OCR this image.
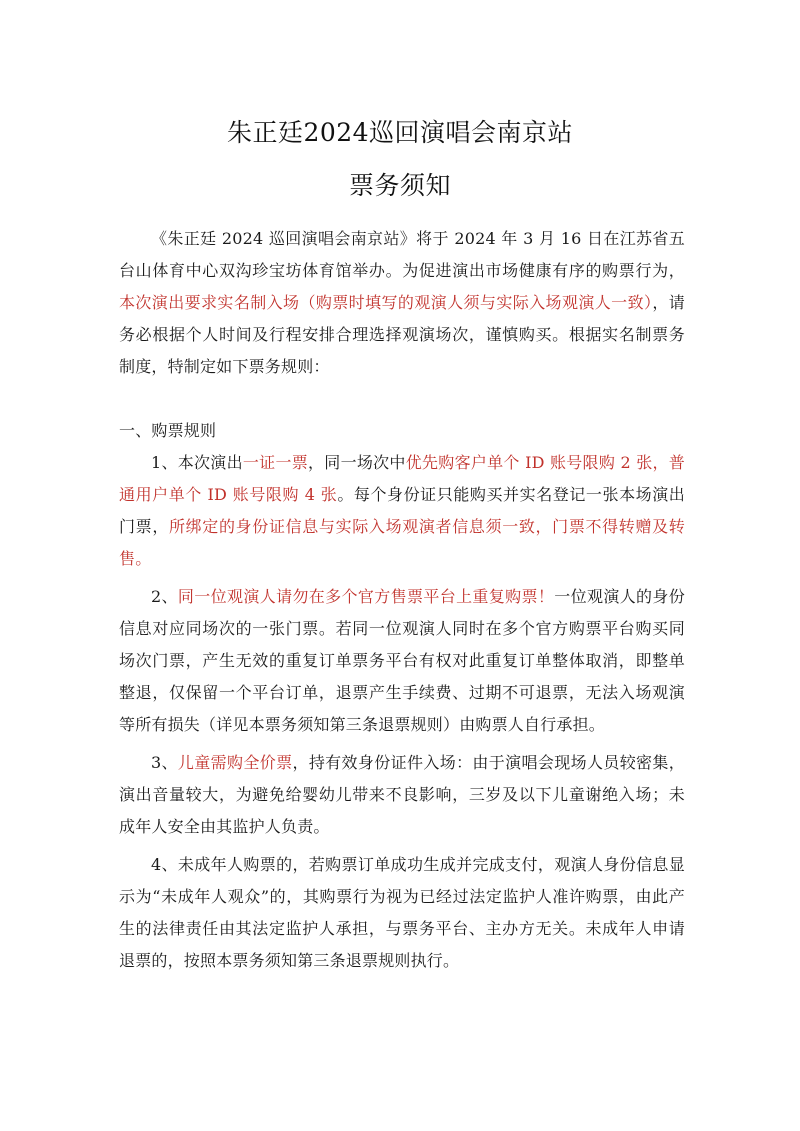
朱正廷2024巡回演唱会南京站
票务须知

《朱正廷 2024 巡回演唱会南京站》将于 2024 年 3 月 16 日在江苏省五台山体育中心双沟珍宝坊体育馆举办。为促进演出市场健康有序的购票行为，本次演出要求实名制入场（购票时填写的观演人须与实际入场观演人一致），请务必根据个人时间及行程安排合理选择观演场次，谨慎购买。根据实名制票务制度，特制定如下票务规则：

一、购票规则

1、本次演出一证一票，同一场次中优先购客户单个 ID 账号限购 2 张，普通用户单个 ID 账号限购 4 张。每个身份证只能购买并实名登记一张本场演出门票，所绑定的身份证信息与实际入场观演者信息须一致，门票不得转赠及转售。

2、同一位观演人请勿在多个官方售票平台上重复购票！一位观演人的身份信息对应同场次的一张门票。若同一位观演人同时在多个官方购票平台购买同场次门票，产生无效的重复订单票务平台有权对此重复订单整体取消，即整单整退，仅保留一个平台订单，退票产生手续费、过期不可退票，无法入场观演等所有损失（详见本票务须知第三条退票规则）由购票人自行承担。

3、儿童需购全价票，持有效身份证件入场：由于演唱会现场人员较密集，演出音量较大，为避免给婴幼儿带来不良影响，三岁及以下儿童谢绝入场；未成年人安全由其监护人负责。

4、未成年人购票的，若购票订单成功生成并完成支付，观演人身份信息显示为“未成年人观众”的，其购票行为视为已经过法定监护人准许购票，由此产生的法律责任由其法定监护人承担，与票务平台、主办方无关。未成年人申请退票的，按照本票务须知第三条退票规则执行。
